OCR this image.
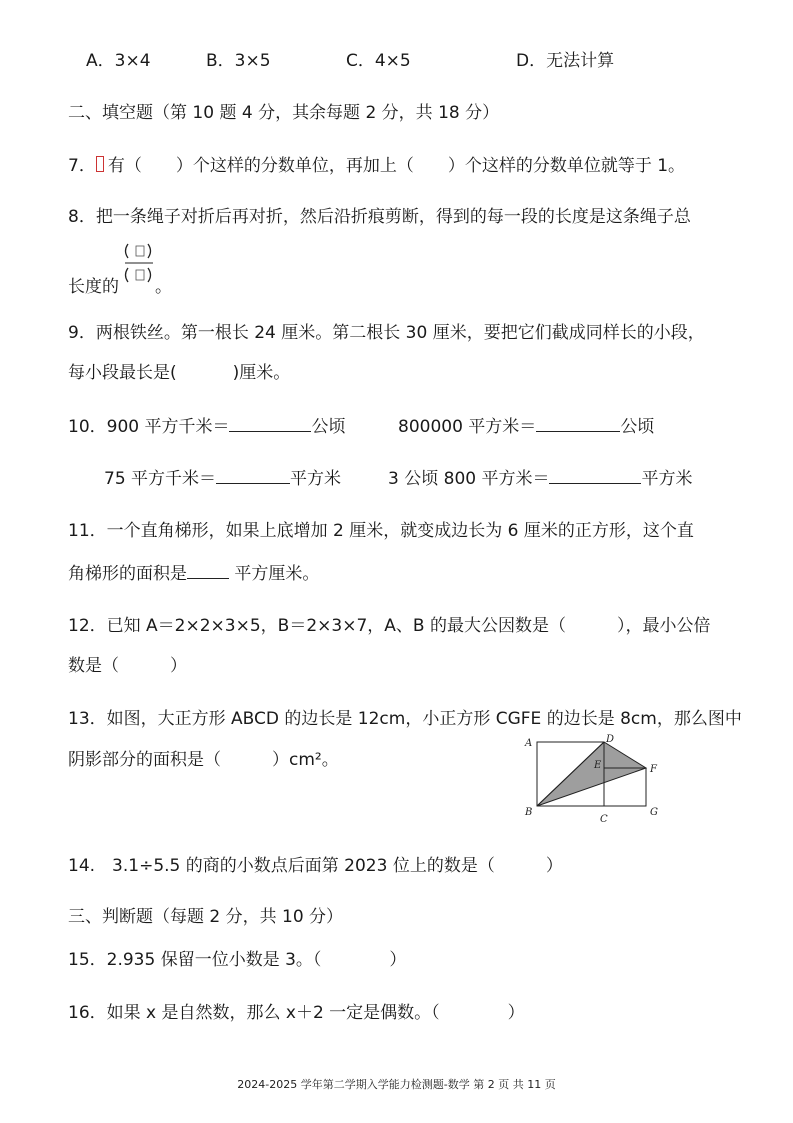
A．3×4	B．3×5	C．4×5	D．无法计算
二、填空题（第 10 题 4 分，其余每题 2 分，共 18 分）
7． 有（　　）个这样的分数单位，再加上（　　）个这样的分数单位就等于 1。
8．把一条绳子对折后再对折，然后沿折痕剪断，得到的每一段的长度是这条绳子总
长度的 。
9．两根铁丝。第一根长 24 厘米。第二根长 30 厘米，要把它们截成同样长的小段，
每小段最长是(	)厘米。
10．900 平方千米＝	公顷	800000 平方米＝	公顷
75 平方千米＝	平方米	3 公顷 800 平方米＝	平方米
11．一个直角梯形，如果上底增加 2 厘米，就变成边长为 6 厘米的正方形，这个直
角梯形的面积是 平方厘米。
12．已知 A＝2×2×3×5，B＝2×3×7，A、B 的最大公因数是（　　　），最小公倍
数是（　　　）
13．如图，大正方形 ABCD 的边长是 12cm，小正方形 CGFE 的边长是 8cm，那么图中
阴影部分的面积是（　　　）cm²。
A	D
E	F
B
C
G
14.　3.1÷5.5 的商的小数点后面第 2023 位上的数是（　　　）
三、判断题（每题 2 分，共 10 分）
15．2.935 保留一位小数是 3。（　　　　）
16．如果 x 是自然数，那么 x＋2 一定是偶数。（　　　　）
2024-2025 学年第二学期入学能力检测题-数学 第 2 页 共 11 页
